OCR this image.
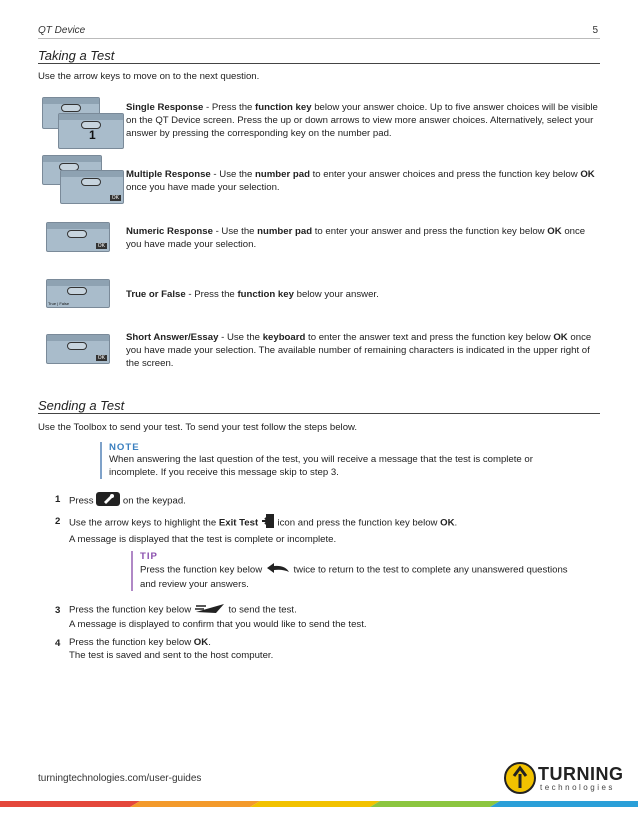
QT Device	5
Taking a Test
Use the arrow keys to move on to the next question.
1
OK
OK
True | False
OK
Single Response - Press the function key below your answer choice. Up to five answer choices will be visible on the QT Device screen. Press the up or down arrows to view more answer choices. Alternatively, select your answer by pressing the corresponding key on the number pad.
Multiple Response - Use the number pad to enter your answer choices and press the function key below OK once you have made your selection.
Numeric Response - Use the number pad to enter your answer and press the function key below OK once you have made your selection.
True or False - Press the function key below your answer.
Short Answer/Essay - Use the keyboard to enter the answer text and press the function key below OK once you have made your selection. The available number of remaining characters is indicated in the upper right of the screen.
Sending a Test
Use the Toolbox to send your test. To send your test follow the steps below.
NOTE
When answering the last question of the test, you will receive a message that the test is complete or incomplete. If you receive this message skip to step 3.
1 Press	on the keypad.
2 Use the arrow keys to highlight the Exit Test  icon and press the function key below OK.
A message is displayed that the test is complete or incomplete.
TIP
Press the function key below	twice to return to the test to complete any unanswered questions and review your answers.
3 Press the function key below	to send the test.
A message is displayed to confirm that you would like to send the test.
4 Press the function key below OK.
The test is saved and sent to the host computer.
turningtechnologies.com/user-guides	TURNING
technologies
